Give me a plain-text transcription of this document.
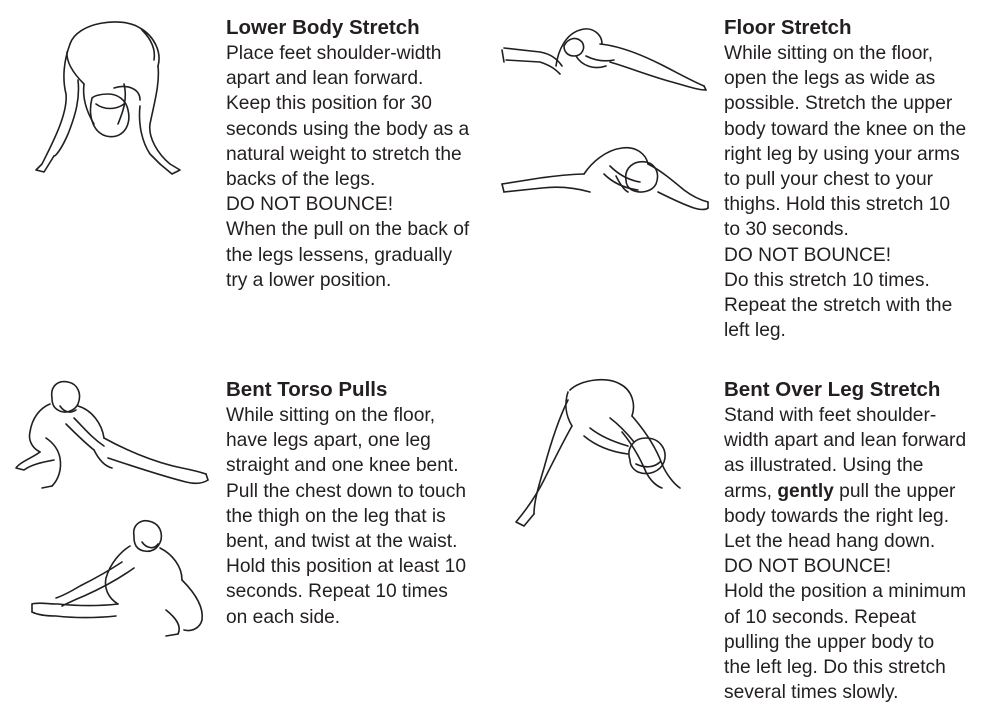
Lower Body Stretch
Place feet shoulder-width
apart and lean forward.
Keep this position for 30
seconds using the body as a
natural weight to stretch the
backs of the legs.
DO NOT BOUNCE!
When the pull on the back of
the legs lessens, gradually
try a lower position.
Floor Stretch
While sitting on the floor,
open the legs as wide as
possible. Stretch the upper
body toward the knee on the
right leg by using your arms
to pull your chest to your
thighs. Hold this stretch 10
to 30 seconds.
DO NOT BOUNCE!
Do this stretch 10 times.
Repeat the stretch with the
left leg.
Bent Torso Pulls
While sitting on the floor,
have legs apart, one leg
straight and one knee bent.
Pull the chest down to touch
the thigh on the leg that is
bent, and twist at the waist.
Hold this position at least 10
seconds. Repeat 10 times
on each side.
Bent Over Leg Stretch
Stand with feet shoulder-
width apart and lean forward
as illustrated. Using the
arms, gently pull the upper
body towards the right leg.
Let the head hang down.
DO NOT BOUNCE!
Hold the position a minimum
of 10 seconds. Repeat
pulling the upper body to
the left leg. Do this stretch
several times slowly.
